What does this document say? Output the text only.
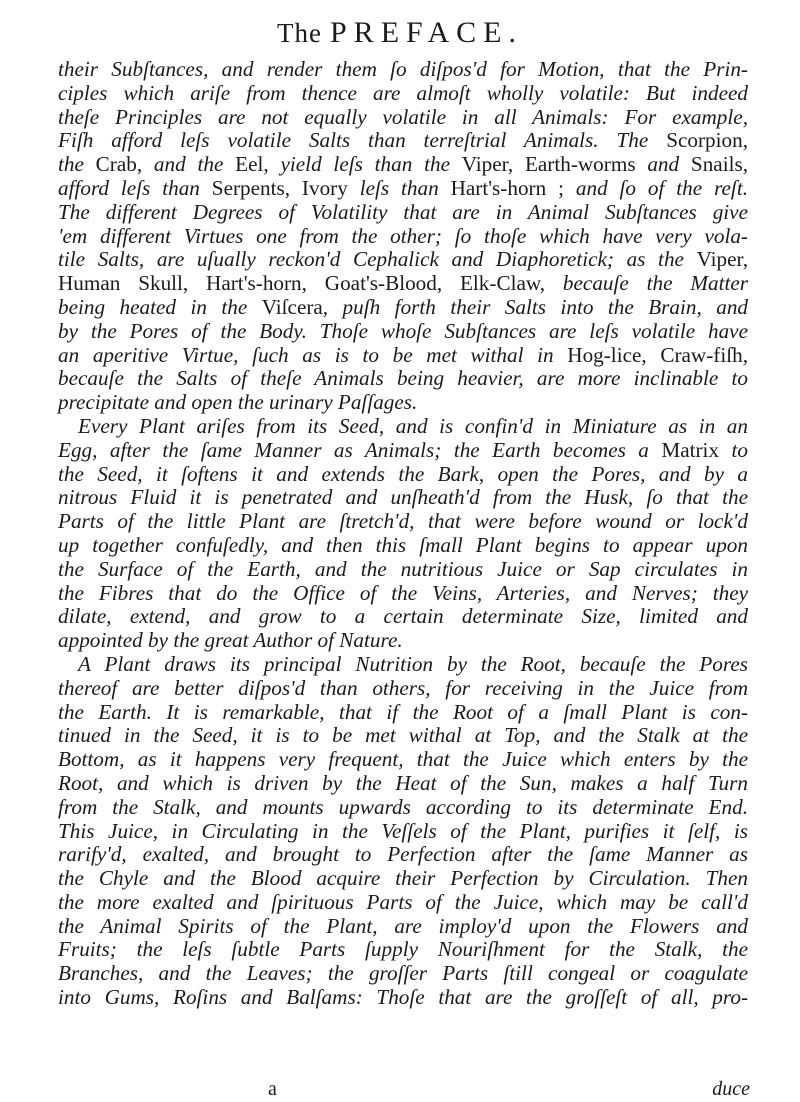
The PREFACE.
their Subſtances, and render them ſo diſpos'd for Motion, that the Prin-
ciples which ariſe from thence are almoſt wholly volatile: But indeed
theſe Principles are not equally volatile in all Animals: For example,
Fiſh afford leſs volatile Salts than terreſtrial Animals. The Scorpion,
the Crab, and the Eel, yield leſs than the Viper, Earth-worms and Snails,
afford leſs than Serpents, Ivory leſs than Hart's-horn ; and ſo of the reſt.
The different Degrees of Volatility that are in Animal Subſtances give
'em different Virtues one from the other; ſo thoſe which have very vola-
tile Salts, are uſually reckon'd Cephalick and Diaphoretick; as the Viper,
Human Skull, Hart's-horn, Goat's-Blood, Elk-Claw, becauſe the Matter
being heated in the Viſcera, puſh forth their Salts into the Brain, and
by the Pores of the Body. Thoſe whoſe Subſtances are leſs volatile have
an aperitive Virtue, ſuch as is to be met withal in Hog-lice, Craw-fiſh,
becauſe the Salts of theſe Animals being heavier, are more inclinable to
precipitate and open the urinary Paſſages.
Every Plant ariſes from its Seed, and is confin'd in Miniature as in an
Egg, after the ſame Manner as Animals; the Earth becomes a Matrix to
the Seed, it ſoftens it and extends the Bark, open the Pores, and by a
nitrous Fluid it is penetrated and unſheath'd from the Husk, ſo that the
Parts of the little Plant are ſtretch'd, that were before wound or lock'd
up together confuſedly, and then this ſmall Plant begins to appear upon
the Surface of the Earth, and the nutritious Juice or Sap circulates in
the Fibres that do the Office of the Veins, Arteries, and Nerves; they
dilate, extend, and grow to a certain determinate Size, limited and
appointed by the great Author of Nature.
A Plant draws its principal Nutrition by the Root, becauſe the Pores
thereof are better diſpos'd than others, for receiving in the Juice from
the Earth. It is remarkable, that if the Root of a ſmall Plant is con-
tinued in the Seed, it is to be met withal at Top, and the Stalk at the
Bottom, as it happens very frequent, that the Juice which enters by the
Root, and which is driven by the Heat of the Sun, makes a half Turn
from the Stalk, and mounts upwards according to its determinate End.
This Juice, in Circulating in the Veſſels of the Plant, purifies it ſelf, is
rarify'd, exalted, and brought to Perfection after the ſame Manner as
the Chyle and the Blood acquire their Perfection by Circulation. Then
the more exalted and ſpirituous Parts of the Juice, which may be call'd
the Animal Spirits of the Plant, are imploy'd upon the Flowers and
Fruits; the leſs ſubtle Parts ſupply Nouriſhment for the Stalk, the
Branches, and the Leaves; the groſſer Parts ſtill congeal or coagulate
into Gums, Roſins and Balſams: Thoſe that are the groſſeſt of all, pro-
a	duce
